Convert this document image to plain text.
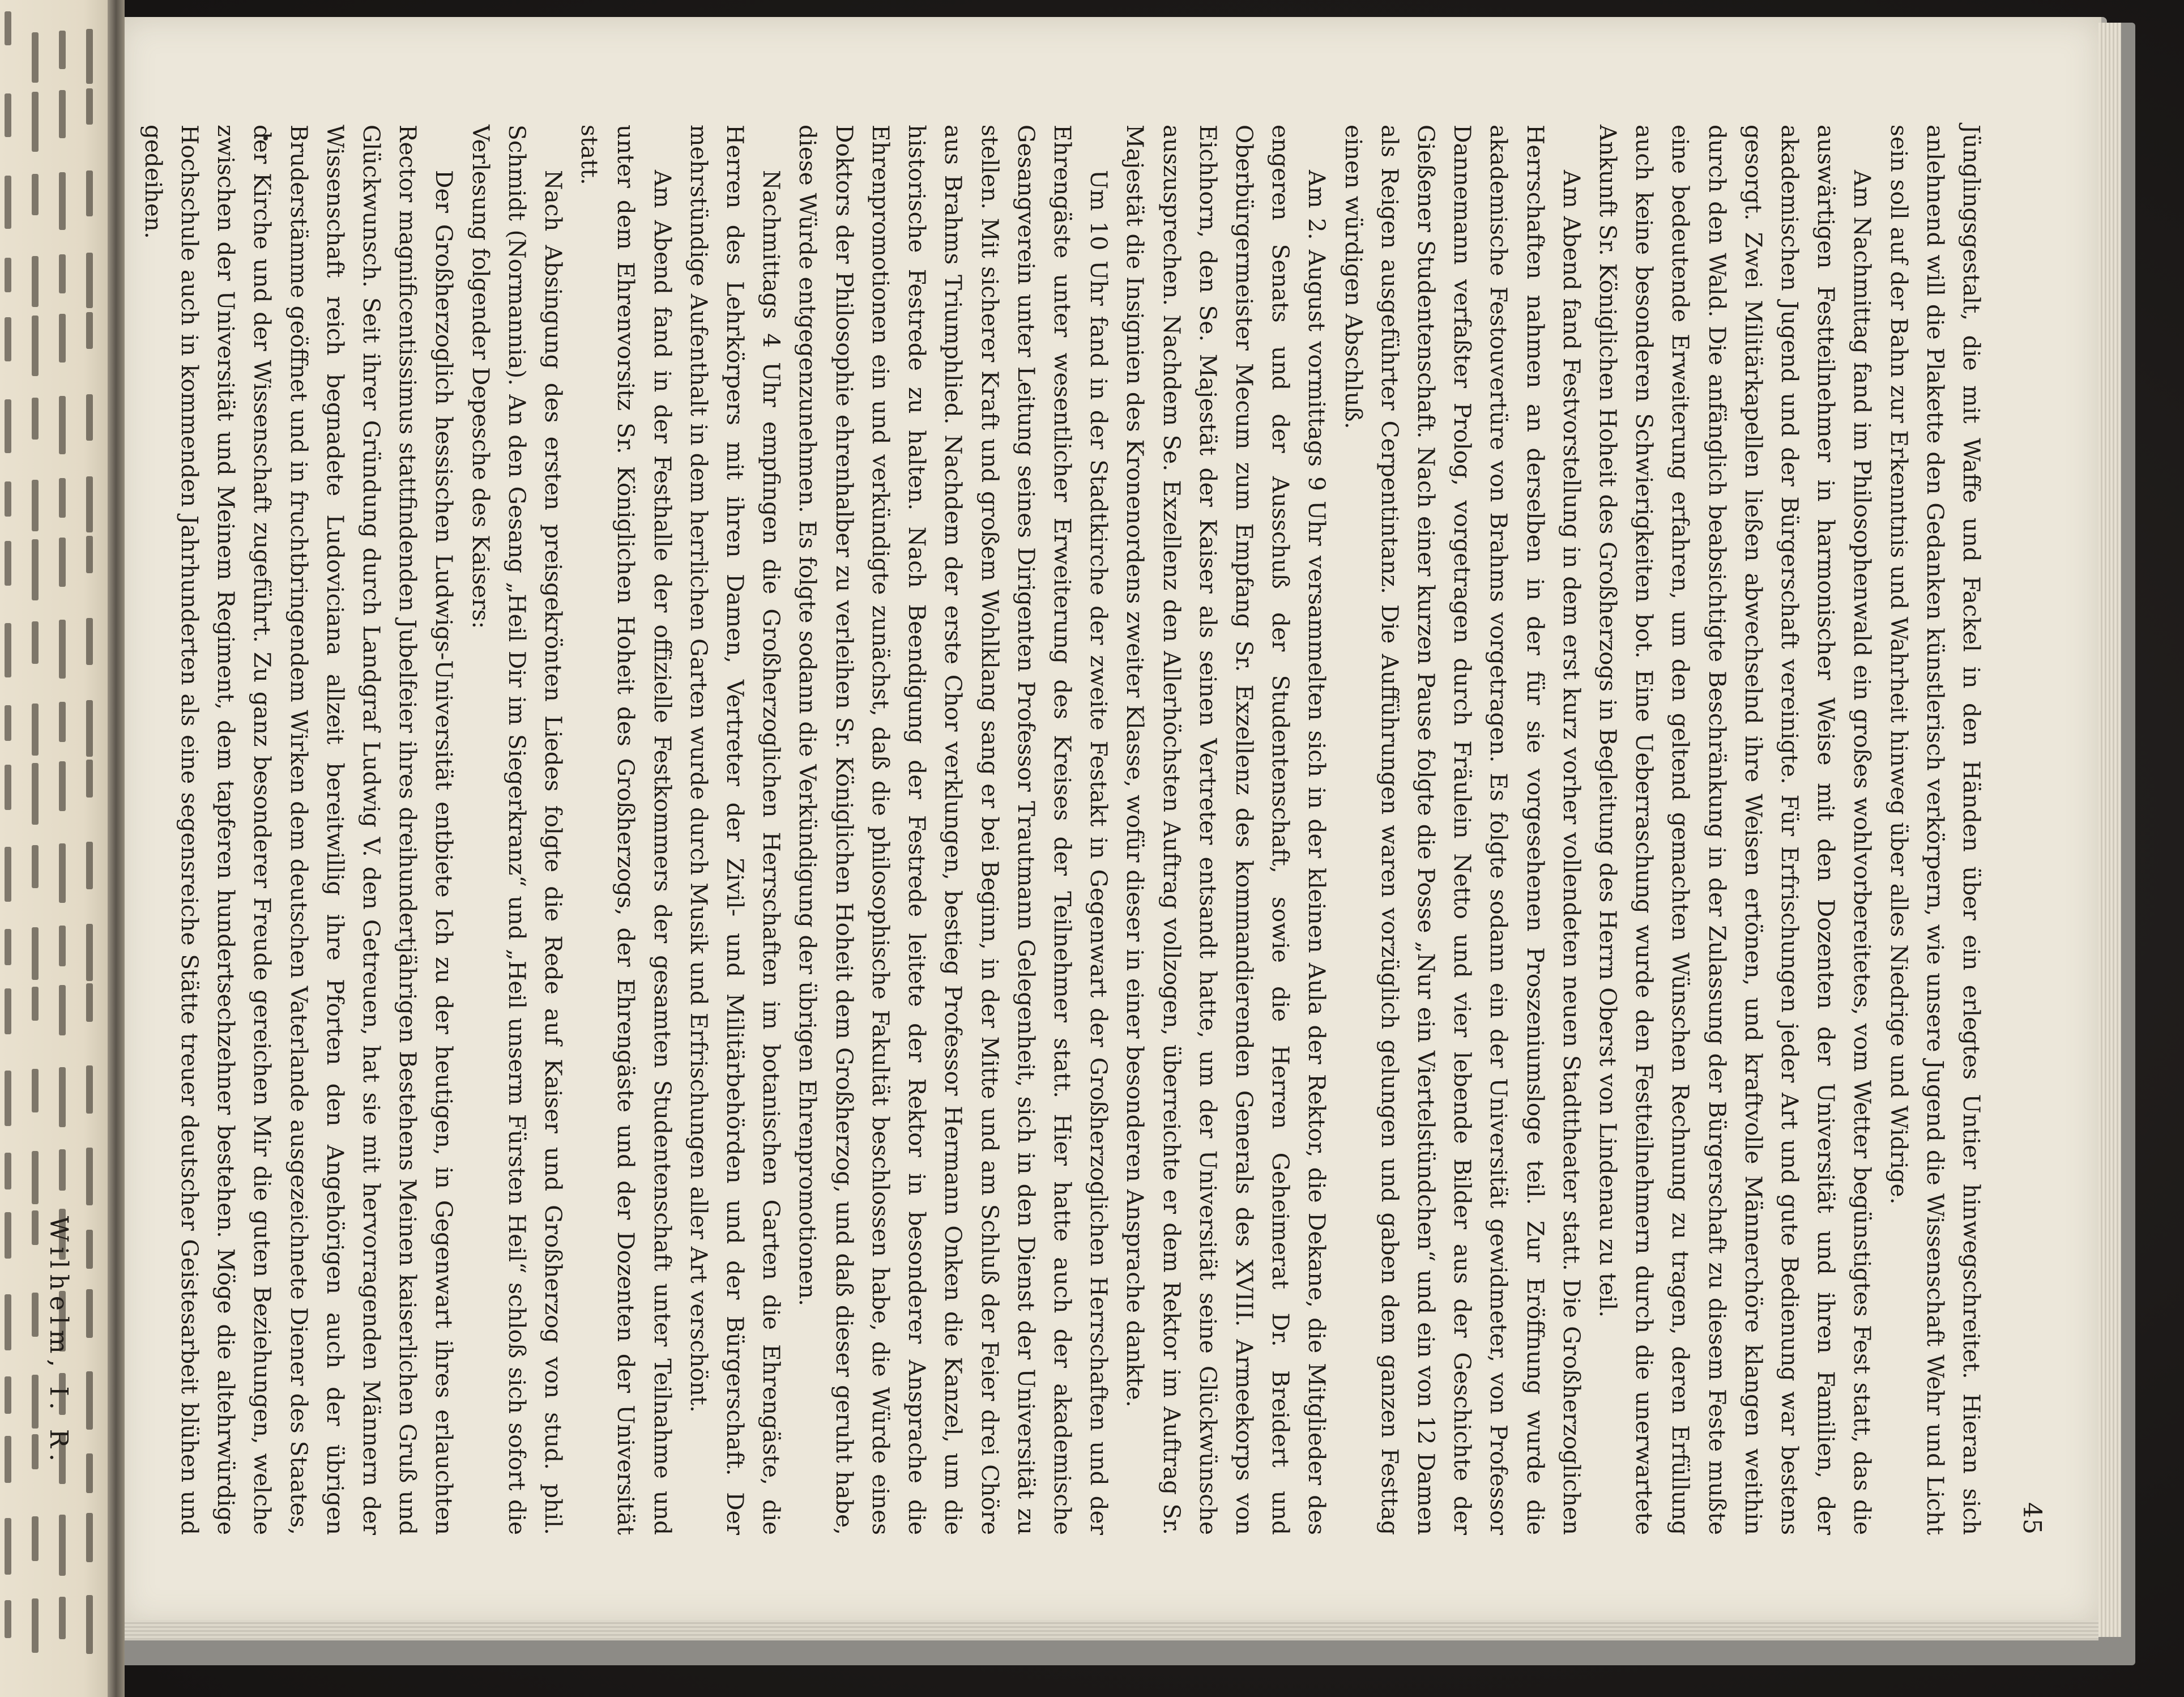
45

Jünglingsgestalt, die mit Waffe und Fackel in den Händen über ein erlegtes Untier hinwegschreitet. Hieran sich anlehnend will die Plakette den Gedanken künstlerisch verkörpern, wie unsere Jugend die Wissenschaft Wehr und Licht sein soll auf der Bahn zur Erkenntnis und Wahrheit hinweg über alles Niedrige und Widrige.

Am Nachmittag fand im Philosophenwald ein großes wohlvorbereitetes, vom Wetter begünstigtes Fest statt, das die auswärtigen Festteilnehmer in harmonischer Weise mit den Dozenten der Universität und ihren Familien, der akademischen Jugend und der Bürgerschaft vereinigte. Für Erfrischungen jeder Art und gute Bedienung war bestens gesorgt. Zwei Militärkapellen ließen abwechselnd ihre Weisen ertönen, und kraftvolle Männerchöre klangen weithin durch den Wald. Die anfänglich beabsichtigte Beschränkung in der Zulassung der Bürgerschaft zu diesem Feste mußte eine bedeutende Erweiterung erfahren, um den geltend gemachten Wünschen Rechnung zu tragen, deren Erfüllung auch keine besonderen Schwierigkeiten bot. Eine Ueberraschung wurde den Festteilnehmern durch die unerwartete Ankunft Sr. Königlichen Hoheit des Großherzogs in Begleitung des Herrn Oberst von Lindenau zu teil.

Am Abend fand Festvorstellung in dem erst kurz vorher vollendeten neuen Stadttheater statt. Die Großherzoglichen Herrschaften nahmen an derselben in der für sie vorgesehenen Proszeniumsloge teil. Zur Eröffnung wurde die akademische Festouvertüre von Brahms vorgetragen. Es folgte sodann ein der Universität gewidmeter, von Professor Dannemann verfaßter Prolog, vorgetragen durch Fräulein Netto und vier lebende Bilder aus der Geschichte der Gießener Studentenschaft. Nach einer kurzen Pause folgte die Posse „Nur ein Viertelstündchen“ und ein von 12 Damen als Reigen ausgeführter Cerpentintanz. Die Aufführungen waren vorzüglich gelungen und gaben dem ganzen Festtag einen würdigen Abschluß.

Am 2. August vormittags 9 Uhr versammelten sich in der kleinen Aula der Rektor, die Dekane, die Mitglieder des engeren Senats und der Ausschuß der Studentenschaft, sowie die Herren Geheimerat Dr. Breidert und Oberbürgermeister Mecum zum Empfang Sr. Exzellenz des kommandierenden Generals des XVIII. Armeekorps von Eichhorn, den Se. Majestät der Kaiser als seinen Vertreter entsandt hatte, um der Universität seine Glückwünsche auszusprechen. Nachdem Se. Exzellenz den Allerhöchsten Auftrag vollzogen, überreichte er dem Rektor im Auftrag Sr. Majestät die Insignien des Kronenordens zweiter Klasse, wofür dieser in einer besonderen Ansprache dankte.

Um 10 Uhr fand in der Stadtkirche der zweite Festakt in Gegenwart der Großherzoglichen Herrschaften und der Ehrengäste unter wesentlicher Erweiterung des Kreises der Teilnehmer statt. Hier hatte auch der akademische Gesangverein unter Leitung seines Dirigenten Professor Trautmann Gelegenheit, sich in den Dienst der Universität zu stellen. Mit sicherer Kraft und großem Wohlklang sang er bei Beginn, in der Mitte und am Schluß der Feier drei Chöre aus Brahms Triumphlied. Nachdem der erste Chor verklungen, bestieg Professor Hermann Onken die Kanzel, um die historische Festrede zu halten. Nach Beendigung der Festrede leitete der Rektor in besonderer Ansprache die Ehrenpromotionen ein und verkündigte zunächst, daß die philosophische Fakultät beschlossen habe, die Würde eines Doktors der Philosophie ehrenhalber zu verleihen Sr. Königlichen Hoheit dem Großherzog, und daß dieser geruht habe, diese Würde entgegenzunehmen. Es folgte sodann die Verkündigung der übrigen Ehrenpromotionen.

Nachmittags 4 Uhr empfingen die Großherzoglichen Herrschaften im botanischen Garten die Ehrengäste, die Herren des Lehrkörpers mit ihren Damen, Vertreter der Zivil- und Militärbehörden und der Bürgerschaft. Der mehrstündige Aufenthalt in dem herrlichen Garten wurde durch Musik und Erfrischungen aller Art verschönt.

Am Abend fand in der Festhalle der offizielle Festkommers der gesamten Studentenschaft unter Teilnahme und unter dem Ehrenvorsitz Sr. Königlichen Hoheit des Großherzogs, der Ehrengäste und der Dozenten der Universität statt.

Nach Absingung des ersten preisgekrönten Liedes folgte die Rede auf Kaiser und Großherzog von stud. phil. Schmidt (Normannia). An den Gesang „Heil Dir im Siegerkranz“ und „Heil unserm Fürsten Heil“ schloß sich sofort die Verlesung folgender Depesche des Kaisers:

Der Großherzoglich hessischen Ludwigs-Universität entbiete Ich zu der heutigen, in Gegenwart ihres erlauchten Rector magnificentissimus stattfindenden Jubelfeier ihres dreihundertjährigen Bestehens Meinen kaiserlichen Gruß und Glückwunsch. Seit ihrer Gründung durch Landgraf Ludwig V. den Getreuen, hat sie mit hervorragenden Männern der Wissenschaft reich begnadete Ludoviciana allzeit bereitwillig ihre Pforten den Angehörigen auch der übrigen Bruderstämme geöffnet und in fruchtbringendem Wirken dem deutschen Vaterlande ausgezeichnete Diener des Staates, der Kirche und der Wissenschaft zugeführt. Zu ganz besonderer Freude gereichen Mir die guten Beziehungen, welche zwischen der Universität und Meinem Regiment, dem tapferen hundertsechzehner bestehen. Möge die altehrwürdige Hochschule auch in kommenden Jahrhunderten als eine segensreiche Stätte treuer deutscher Geistesarbeit blühen und gedeihen.

Wilhelm, I. R.
